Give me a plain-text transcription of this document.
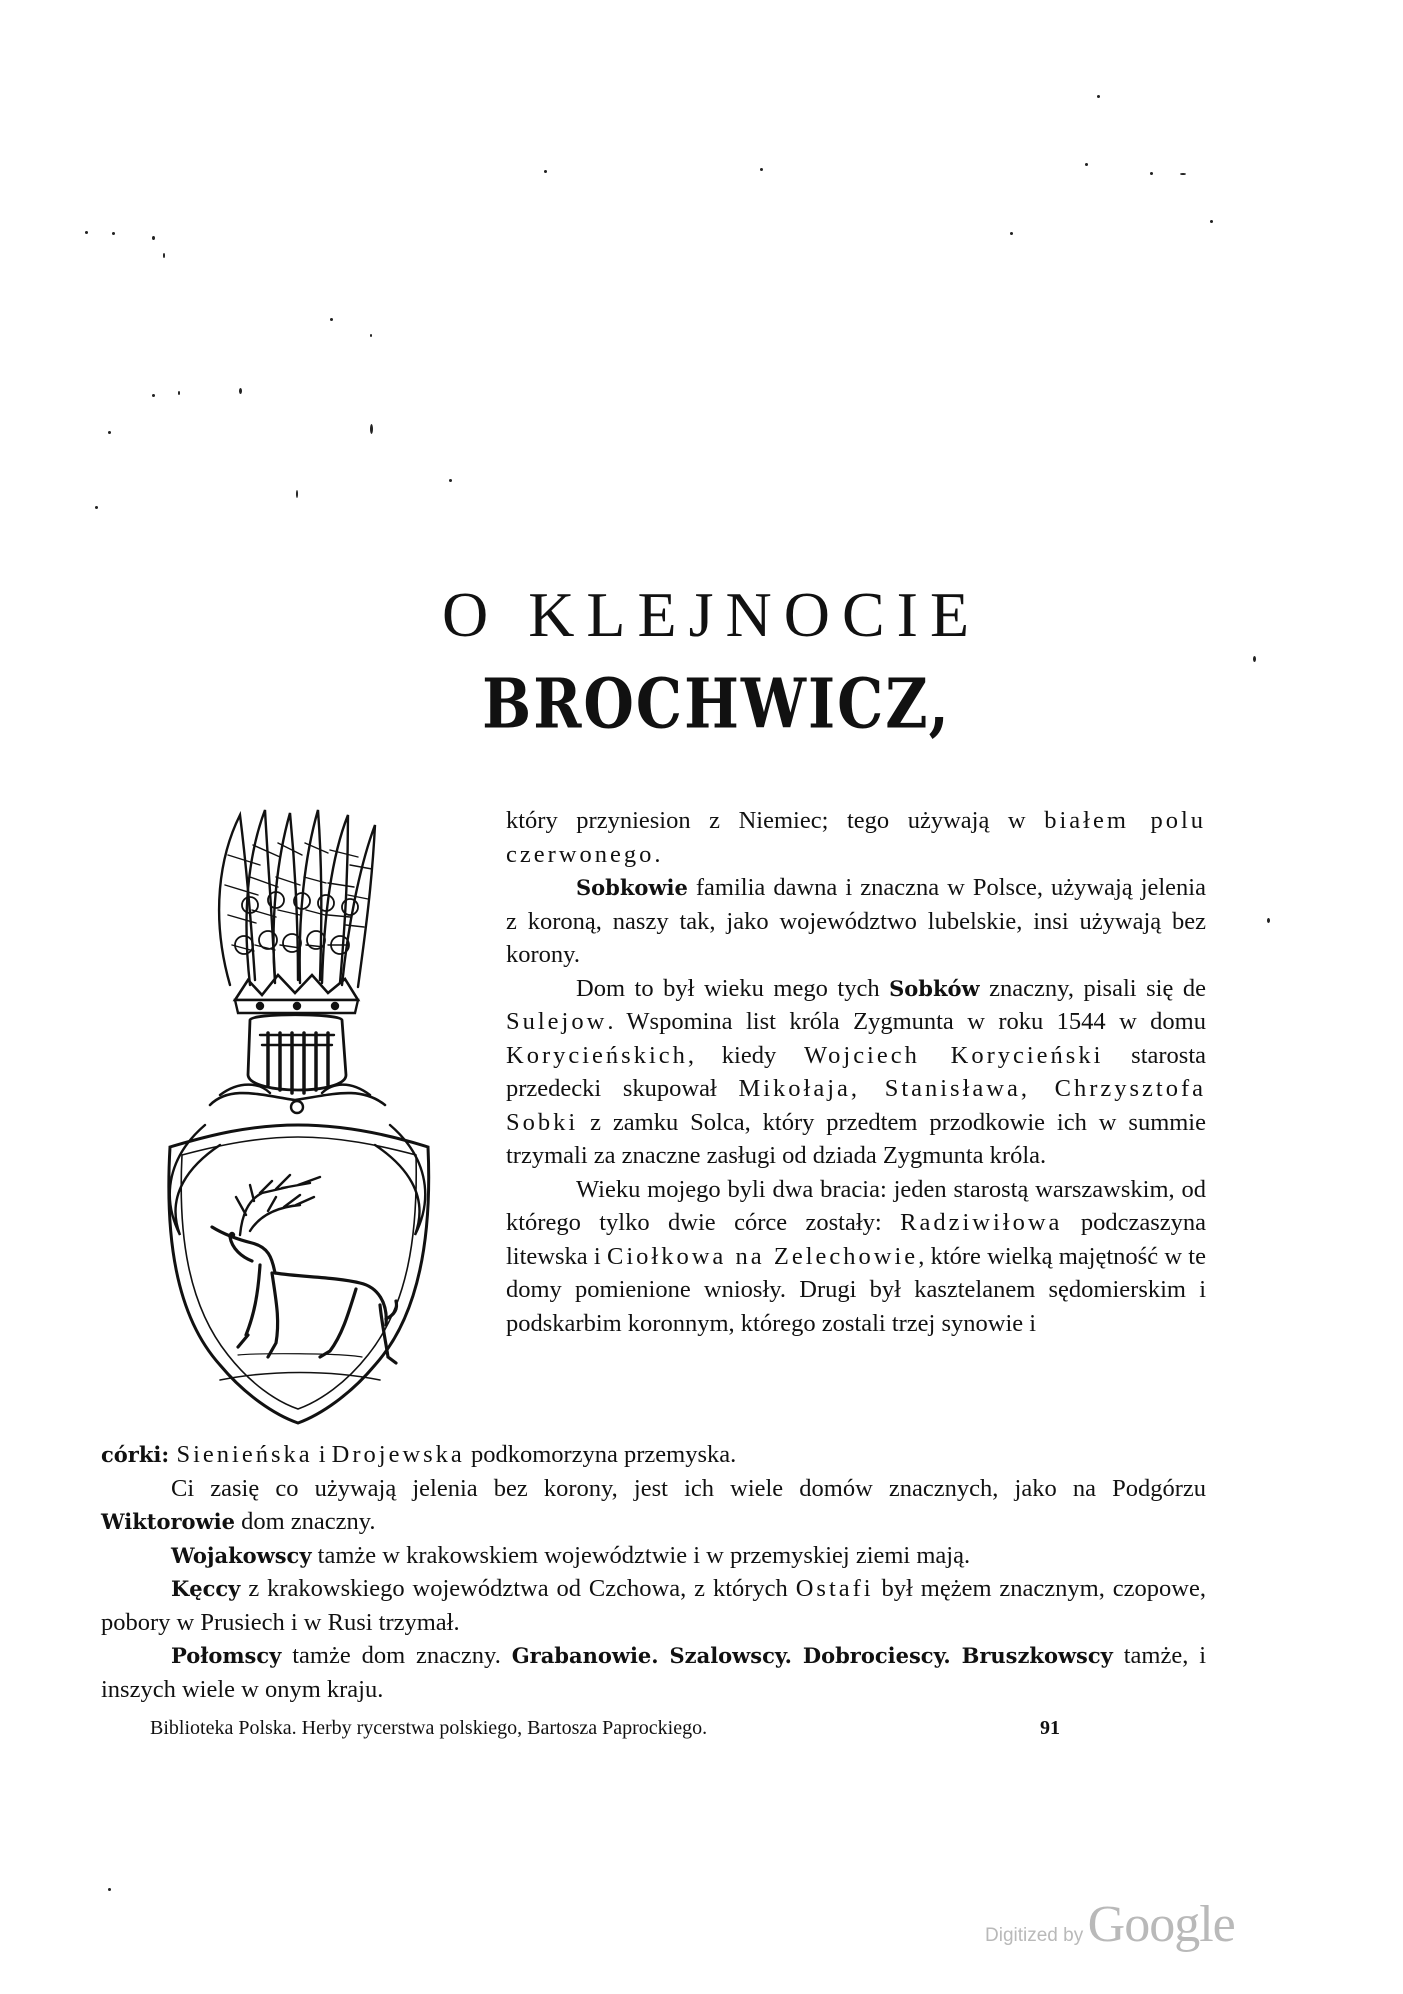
O KLEJNOCIE
BROCHWICZ,

który przyniesion z Niemiec; tego używają w białem polu czerwonego.

Sobkowie familia dawna i znaczna w Polsce, używają jelenia z koroną, naszy tak, jako województwo lubelskie, insi używają bez korony.

Dom to był wieku mego tych Sobków znaczny, pisali się de Sulejow. Wspomina list króla Zygmunta w roku 1544 w domu Korycieńskich, kiedy Wojciech Korycieński starosta przedecki skupował Mikołaja, Stanisława, Chrzysztofa Sobki z zamku Solca, który przedtem przodkowie ich w summie trzymali za znaczne zasługi od dziada Zygmunta króla.

Wieku mojego byli dwa bracia: jeden starostą warszawskim, od którego tylko dwie córce zostały: Radziwiłowa podczaszyna litewska i Ciołkowa na Zelechowie, które wielką majętność w te domy pomienione wniosły. Drugi był kasztelanem sędomierskim i podskarbim koronnym, którego zostali trzej synowie i

córki: Sienieńska i Drojewska podkomorzyna przemyska.

Ci zasię co używają jelenia bez korony, jest ich wiele domów znacznych, jako na Podgórzu Wiktorowie dom znaczny.

Wojakowscy tamże w krakowskiem województwie i w przemyskiej ziemi mają.

Kęccy z krakowskiego województwa od Czchowa, z których Ostafi był mężem znacznym, czopowe, pobory w Prusiech i w Rusi trzymał.

Połomscy tamże dom znaczny. Grabanowie. Szalowscy. Dobrociescy. Bruszkowscy tamże, i inszych wiele w onym kraju.

Biblioteka Polska. Herby rycerstwa polskiego, Bartosza Paprockiego.	91
Digitized by Google
